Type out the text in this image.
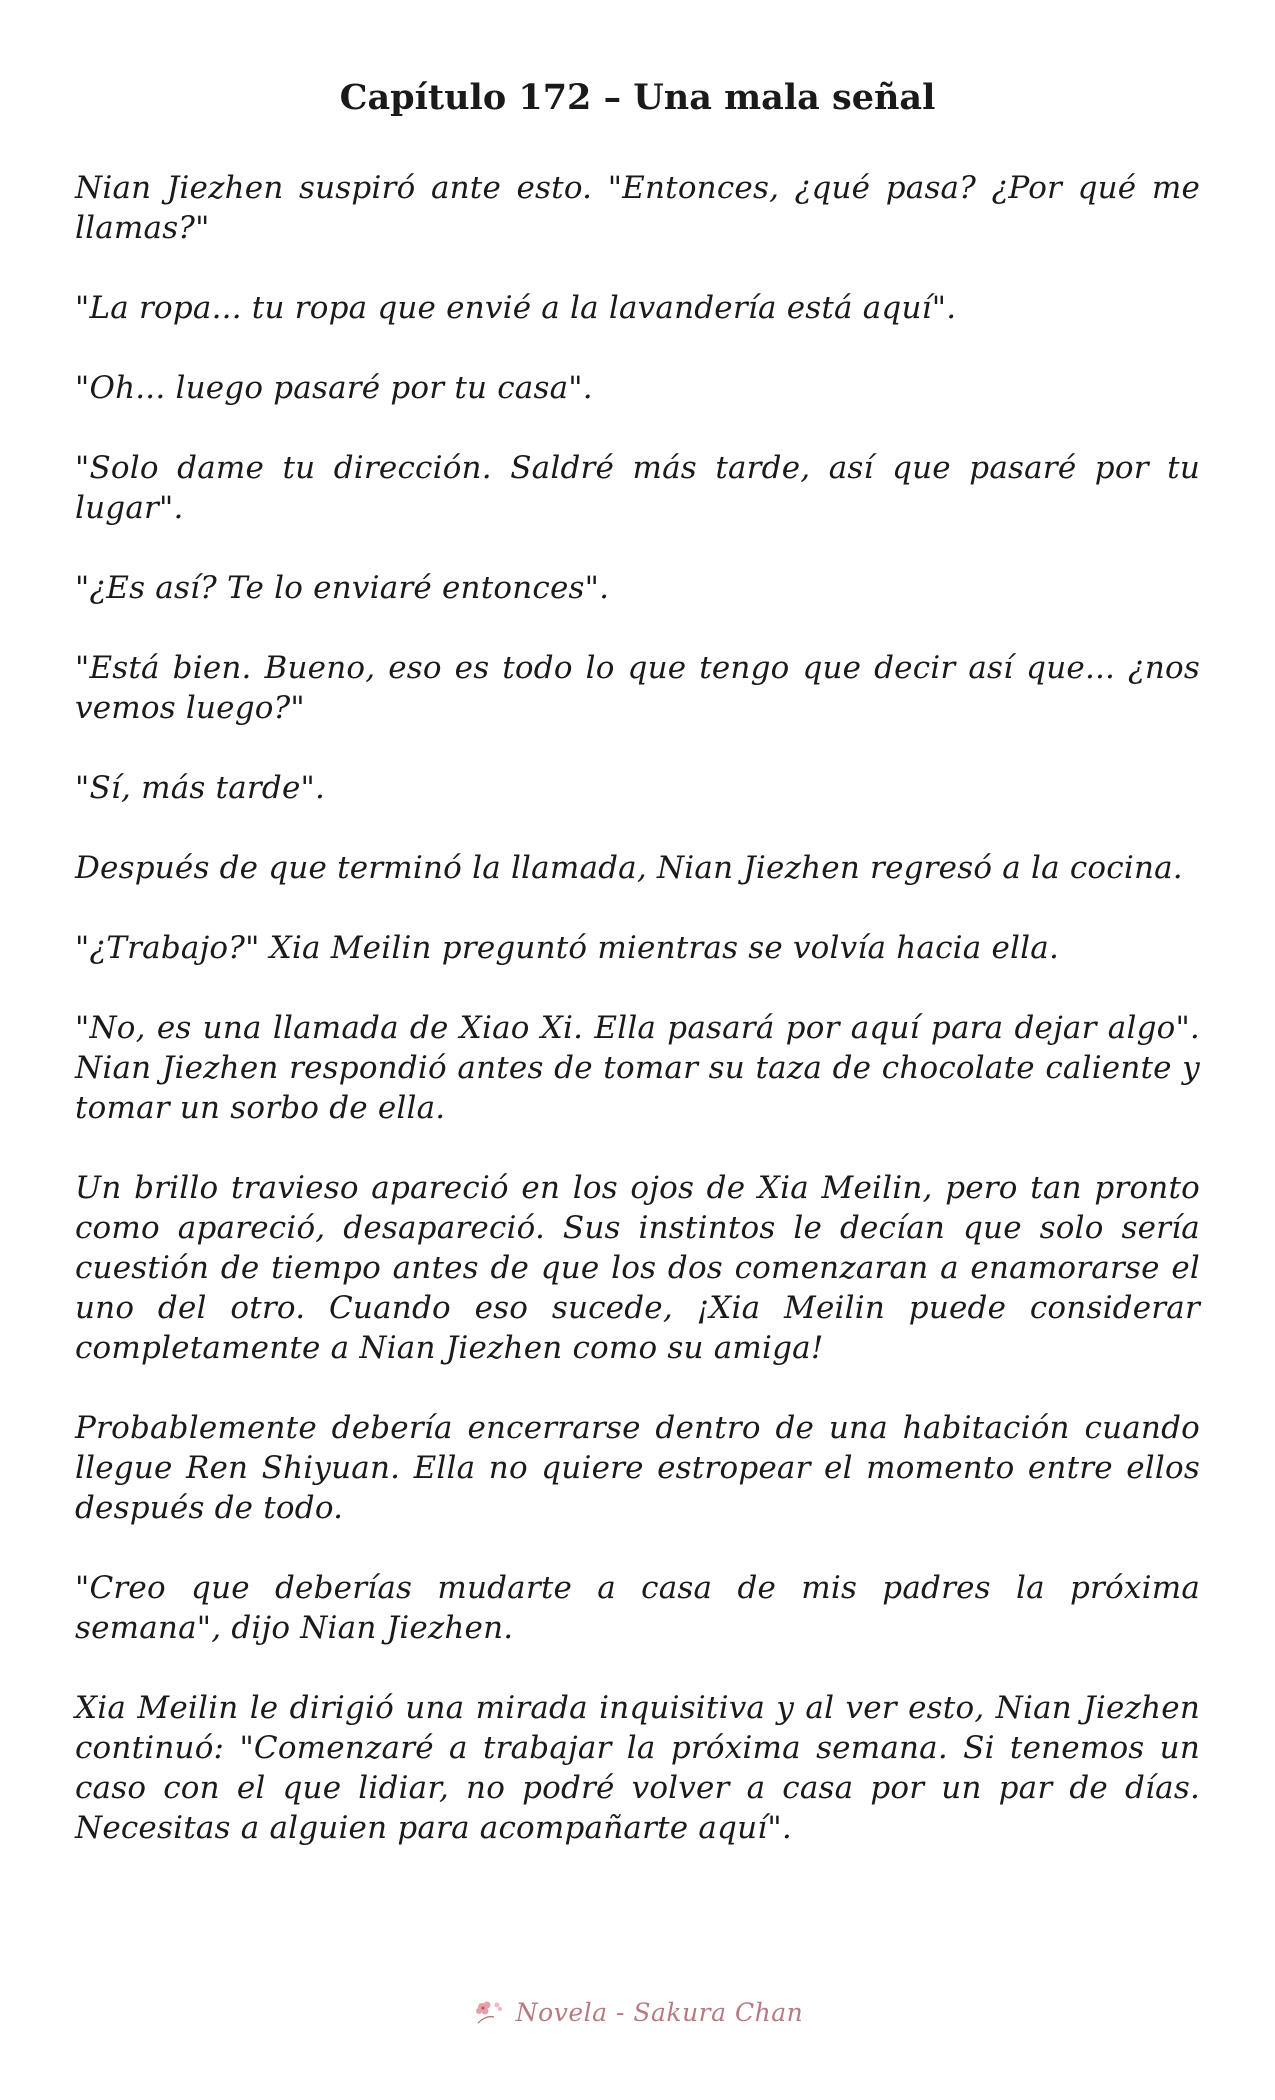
Capítulo 172 – Una mala señal

Nian Jiezhen suspiró ante esto. "Entonces, ¿qué pasa? ¿Por qué me llamas?"

"La ropa... tu ropa que envié a la lavandería está aquí".

"Oh... luego pasaré por tu casa".

"Solo dame tu dirección. Saldré más tarde, así que pasaré por tu lugar".

"¿Es así? Te lo enviaré entonces".

"Está bien. Bueno, eso es todo lo que tengo que decir así que... ¿nos vemos luego?"

"Sí, más tarde".

Después de que terminó la llamada, Nian Jiezhen regresó a la cocina.

"¿Trabajo?" Xia Meilin preguntó mientras se volvía hacia ella.

"No, es una llamada de Xiao Xi. Ella pasará por aquí para dejar algo". Nian Jiezhen respondió antes de tomar su taza de chocolate caliente y tomar un sorbo de ella.

Un brillo travieso apareció en los ojos de Xia Meilin, pero tan pronto como apareció, desapareció. Sus instintos le decían que solo sería cuestión de tiempo antes de que los dos comenzaran a enamorarse el uno del otro. Cuando eso sucede, ¡Xia Meilin puede considerar completamente a Nian Jiezhen como su amiga!

Probablemente debería encerrarse dentro de una habitación cuando llegue Ren Shiyuan. Ella no quiere estropear el momento entre ellos después de todo.

"Creo que deberías mudarte a casa de mis padres la próxima semana", dijo Nian Jiezhen.

Xia Meilin le dirigió una mirada inquisitiva y al ver esto, Nian Jiezhen continuó: "Comenzaré a trabajar la próxima semana. Si tenemos un caso con el que lidiar, no podré volver a casa por un par de días. Necesitas a alguien para acompañarte aquí".

Novela - Sakura Chan
